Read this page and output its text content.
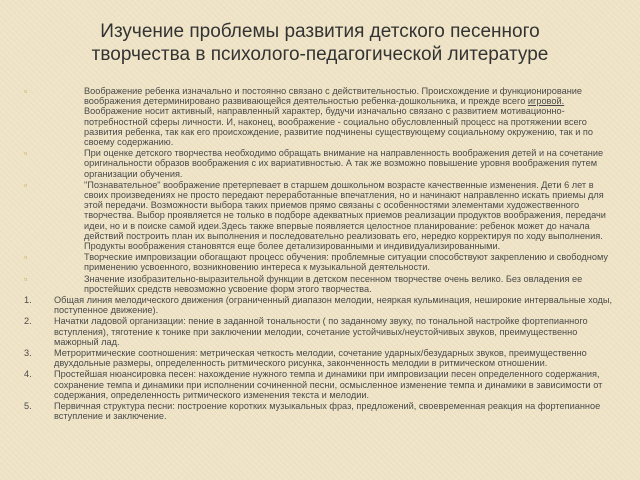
Изучение проблемы развития детского песенного
творчества в психолого-педагогической литературе
▫	Воображение ребенка изначально и постоянно связано с действительностью. Происхождение и функционирование воображения детерминировано развивающейся деятельностью ребенка-дошкольника, и прежде всего игровой. Воображение носит активный, направленный характер, будучи изначально связано с развитием мотивационно-потребностной сферы личности. И, наконец, воображение - социально обусловленный процесс на протяжении всего развития ребенка, так как его происхождение, развитие подчинены существующему социальному окружению, так и по своему содержанию.
▫	При оценке детского творчества необходимо обращать внимание на направленность воображения детей и на сочетание оригинальности образов воображения с их вариативностью. А так же возможно повышение уровня воображения путем организации обучения.
▫	"Познавательное" воображение претерпевает в старшем дошкольном возрасте качественные изменения. Дети 6 лет в своих произведениях не просто передают переработанные впечатления, но и начинают направленно искать приемы для этой передачи. Возможности выбора таких приемов прямо связаны с особенностями элементами художественного творчества. Выбор проявляется не только в подборе адекватных приемов реализации продуктов воображения, передачи идеи, но и в поиске самой идеи.Здесь также впервые появляется целостное планирование: ребенок может до начала действий построить план их выполнения и последовательно реализовать его, нередко корректируя по ходу выполнения. Продукты воображения становятся еще более детализированными и индивидуализированными.
▫	Творческие импровизации обогащают процесс обучения: проблемные ситуации способствуют закреплению и свободному применению усвоенного, возникновению интереса к музыкальной деятельности.
▫	Значение изобразительно-выразительной функции в детском песенном творчестве очень велико. Без овладения ее простейших средств невозможно усвоение форм этого творчества.
1. Общая линия мелодического движения (ограниченный диапазон мелодии, неяркая кульминация, неширокие интервальные ходы, поступенное движение).
2. Начатки ладовой организации: пение в заданной тональности ( по заданному звуку, по тональной настройке фортепианного вступления), тяготение к тонике при заключении мелодии, сочетание устойчивых/неустойчивых звуков, преимущественно мажорный лад.
3. Метроритмические соотношения: метрическая четкость мелодии, сочетание ударных/безударных звуков, преимущественно двухдольные размеры, определенность ритмического рисунка, законченность мелодии в ритмическом отношении.
4. Простейшая нюансировка песен: нахождение нужного темпа и динамики при импровизации песен определенного содержания, сохранение темпа и динамики при исполнении сочиненной песни, осмысленное изменение темпа и динамики в зависимости от содержания, определенность ритмического изменения текста и мелодии.
5. Первичная структура песни: построение коротких музыкальных фраз, предложений, своевременная реакция на фортепианное вступление и заключение.
